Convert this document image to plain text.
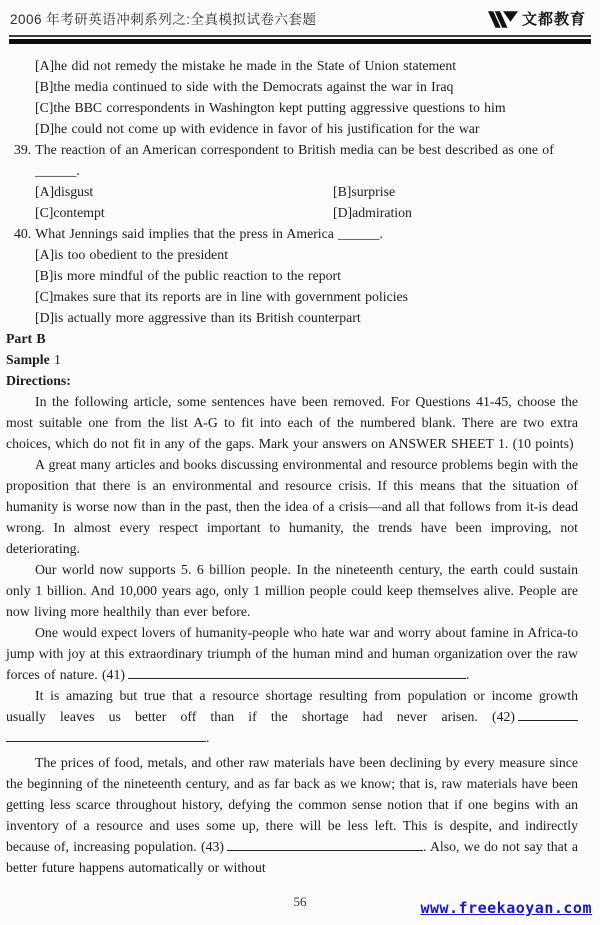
2006 年考研英语冲刺系列之:全真模拟试卷六套题	文都教育
[A]he did not remedy the mistake he made in the State of Union statement
[B]the media continued to side with the Democrats against the war in Iraq
[C]the BBC correspondents in Washington kept putting aggressive questions to him
[D]he could not come up with evidence in favor of his justification for the war
39. The reaction of an American correspondent to British media can be best described as one of
______.
[A]disgust	[B]surprise
[C]contempt	[D]admiration
40. What Jennings said implies that the press in America ______.
[A]is too obedient to the president
[B]is more mindful of the public reaction to the report
[C]makes sure that its reports are in line with government policies
[D]is actually more aggressive than its British counterpart
Part B
Sample 1
Directions:

In the following article, some sentences have been removed. For Questions 41-45, choose the most suitable one from the list A-G to fit into each of the numbered blank. There are two extra choices, which do not fit in any of the gaps. Mark your answers on ANSWER SHEET 1. (10 points)

A great many articles and books discussing environmental and resource problems begin with the proposition that there is an environmental and resource crisis. If this means that the situation of humanity is worse now than in the past, then the idea of a crisis—and all that follows from it-is dead wrong. In almost every respect important to humanity, the trends have been improving, not deteriorating.

Our world now supports 5. 6 billion people. In the nineteenth century, the earth could sustain only 1 billion. And 10,000 years ago, only 1 million people could keep themselves alive. People are now living more healthily than ever before.

One would expect lovers of humanity-people who hate war and worry about famine in Africa-to jump with joy at this extraordinary triumph of the human mind and human organization over the raw forces of nature. (41)	.

It is amazing but true that a resource shortage resulting from population or income growth usually leaves us better off than if the shortage had never arisen. (42).

The prices of food, metals, and other raw materials have been declining by every measure since the beginning of the nineteenth century, and as far back as we know; that is, raw materials have been getting less scarce throughout history, defying the common sense notion that if one begins with an inventory of a resource and uses some up, there will be less left. This is despite, and indirectly because of, increasing population. (43)	. Also, we do not say that a better future happens automatically or without

56	www.freekaoyan.com
